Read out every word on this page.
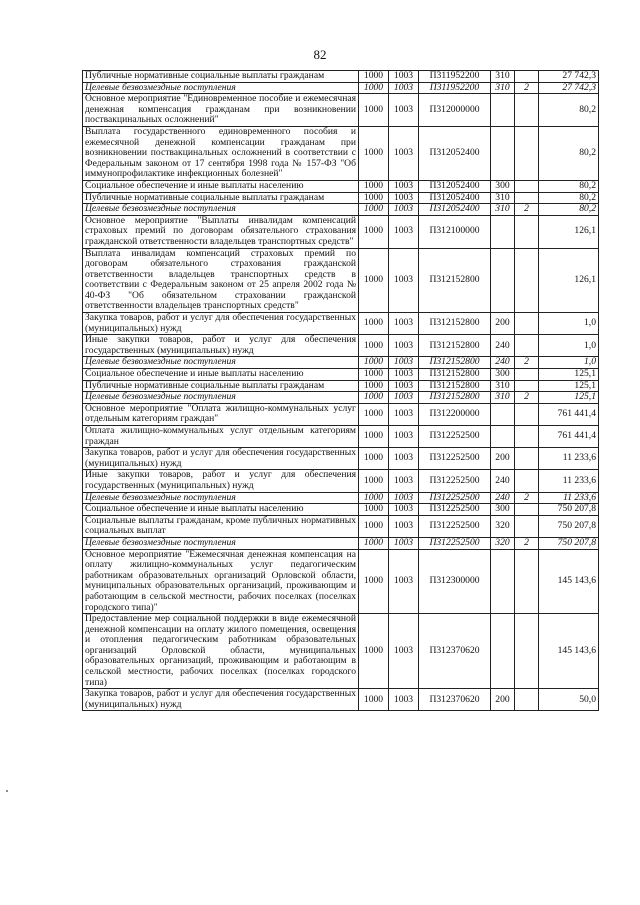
82
Публичные нормативные социальные выплаты гражданам	1000	1003	П311952200	310		27 742,3
Целевые безвозмездные поступления	1000	1003	П311952200	310	2	27 742,3
Основное мероприятие "Единовременное пособие и ежемесячная денежная компенсация гражданам при возникновении поствакцинальных осложнений"	1000	1003	П312000000			80,2
Выплата государственного единовременного пособия и ежемесячной денежной компенсации гражданам при возникновении поствакцинальных осложнений в соответствии с Федеральным законом от 17 сентября 1998 года № 157-ФЗ "Об иммунопрофилактике инфекционных болезней"	1000	1003	П312052400			80,2
Социальное обеспечение и иные выплаты населению	1000	1003	П312052400	300		80,2
Публичные нормативные социальные выплаты гражданам	1000	1003	П312052400	310		80,2
Целевые безвозмездные поступления	1000	1003	П312052400	310	2	80,2
Основное мероприятие "Выплаты инвалидам компенсаций страховых премий по договорам обязательного страхования гражданской ответственности владельцев транспортных средств"	1000	1003	П312100000			126,1
Выплата инвалидам компенсаций страховых премий по договорам обязательного страхования гражданской ответственности владельцев транспортных средств в соответствии с Федеральным законом от 25 апреля 2002 года № 40-ФЗ "Об обязательном страховании гражданской ответственности владельцев транспортных средств"	1000	1003	П312152800			126,1
Закупка товаров, работ и услуг для обеспечения государственных (муниципальных) нужд	1000	1003	П312152800	200		1,0
Иные закупки товаров, работ и услуг для обеспечения государственных (муниципальных) нужд	1000	1003	П312152800	240		1,0
Целевые безвозмездные поступления	1000	1003	П312152800	240	2	1,0
Социальное обеспечение и иные выплаты населению	1000	1003	П312152800	300		125,1
Публичные нормативные социальные выплаты гражданам	1000	1003	П312152800	310		125,1
Целевые безвозмездные поступления	1000	1003	П312152800	310	2	125,1
Основное мероприятие "Оплата жилищно-коммунальных услуг отдельным категориям граждан"	1000	1003	П312200000			761 441,4
Оплата жилищно-коммунальных услуг отдельным категориям граждан	1000	1003	П312252500			761 441,4
Закупка товаров, работ и услуг для обеспечения государственных (муниципальных) нужд	1000	1003	П312252500	200		11 233,6
Иные закупки товаров, работ и услуг для обеспечения государственных (муниципальных) нужд	1000	1003	П312252500	240		11 233,6
Целевые безвозмездные поступления	1000	1003	П312252500	240	2	11 233,6
Социальное обеспечение и иные выплаты населению	1000	1003	П312252500	300		750 207,8
Социальные выплаты гражданам, кроме публичных нормативных социальных выплат	1000	1003	П312252500	320		750 207,8
Целевые безвозмездные поступления	1000	1003	П312252500	320	2	750 207,8
Основное мероприятие "Ежемесячная денежная компенсация на оплату жилищно-коммунальных услуг педагогическим работникам образовательных организаций Орловской области, муниципальных образовательных организаций, проживающим и работающим в сельской местности, рабочих поселках (поселках городского типа)"	1000	1003	П312300000			145 143,6
Предоставление мер социальной поддержки в виде ежемесячной денежной компенсации на оплату жилого помещения, освещения и отопления педагогическим работникам образовательных организаций Орловской области, муниципальных образовательных организаций, проживающим и работающим в сельской местности, рабочих поселках (поселках городского типа)	1000	1003	П312370620			145 143,6
Закупка товаров, работ и услуг для обеспечения государственных (муниципальных) нужд	1000	1003	П312370620	200		50,0
